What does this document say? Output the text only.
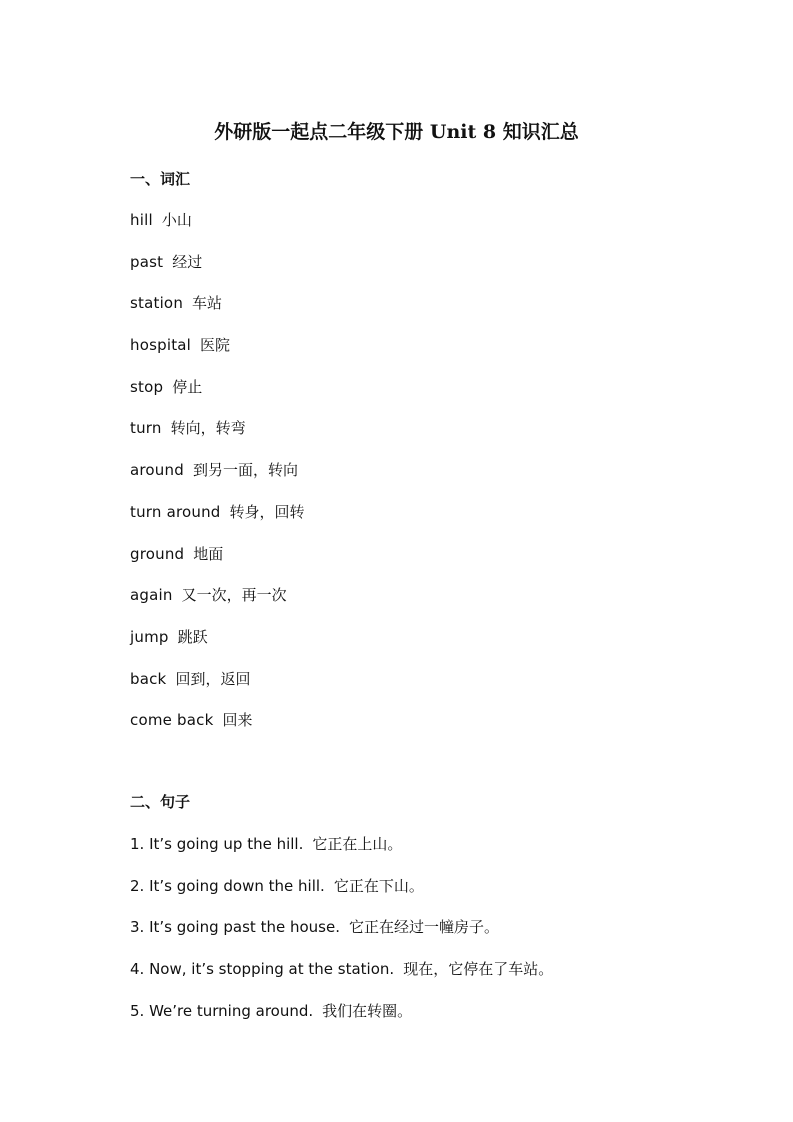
外研版一起点二年级下册 Unit 8 知识汇总
一、词汇
hill 小山
past 经过
station 车站
hospital 医院
stop 停止
turn 转向，转弯
around 到另一面，转向
turn around 转身，回转
ground 地面
again 又一次，再一次
jump 跳跃
back 回到，返回
come back 回来
二、句子
1. It’s going up the hill. 它正在上山。
2. It’s going down the hill. 它正在下山。
3. It’s going past the house. 它正在经过一幢房子。
4. Now, it’s stopping at the station. 现在，它停在了车站。
5. We’re turning around. 我们在转圈。
